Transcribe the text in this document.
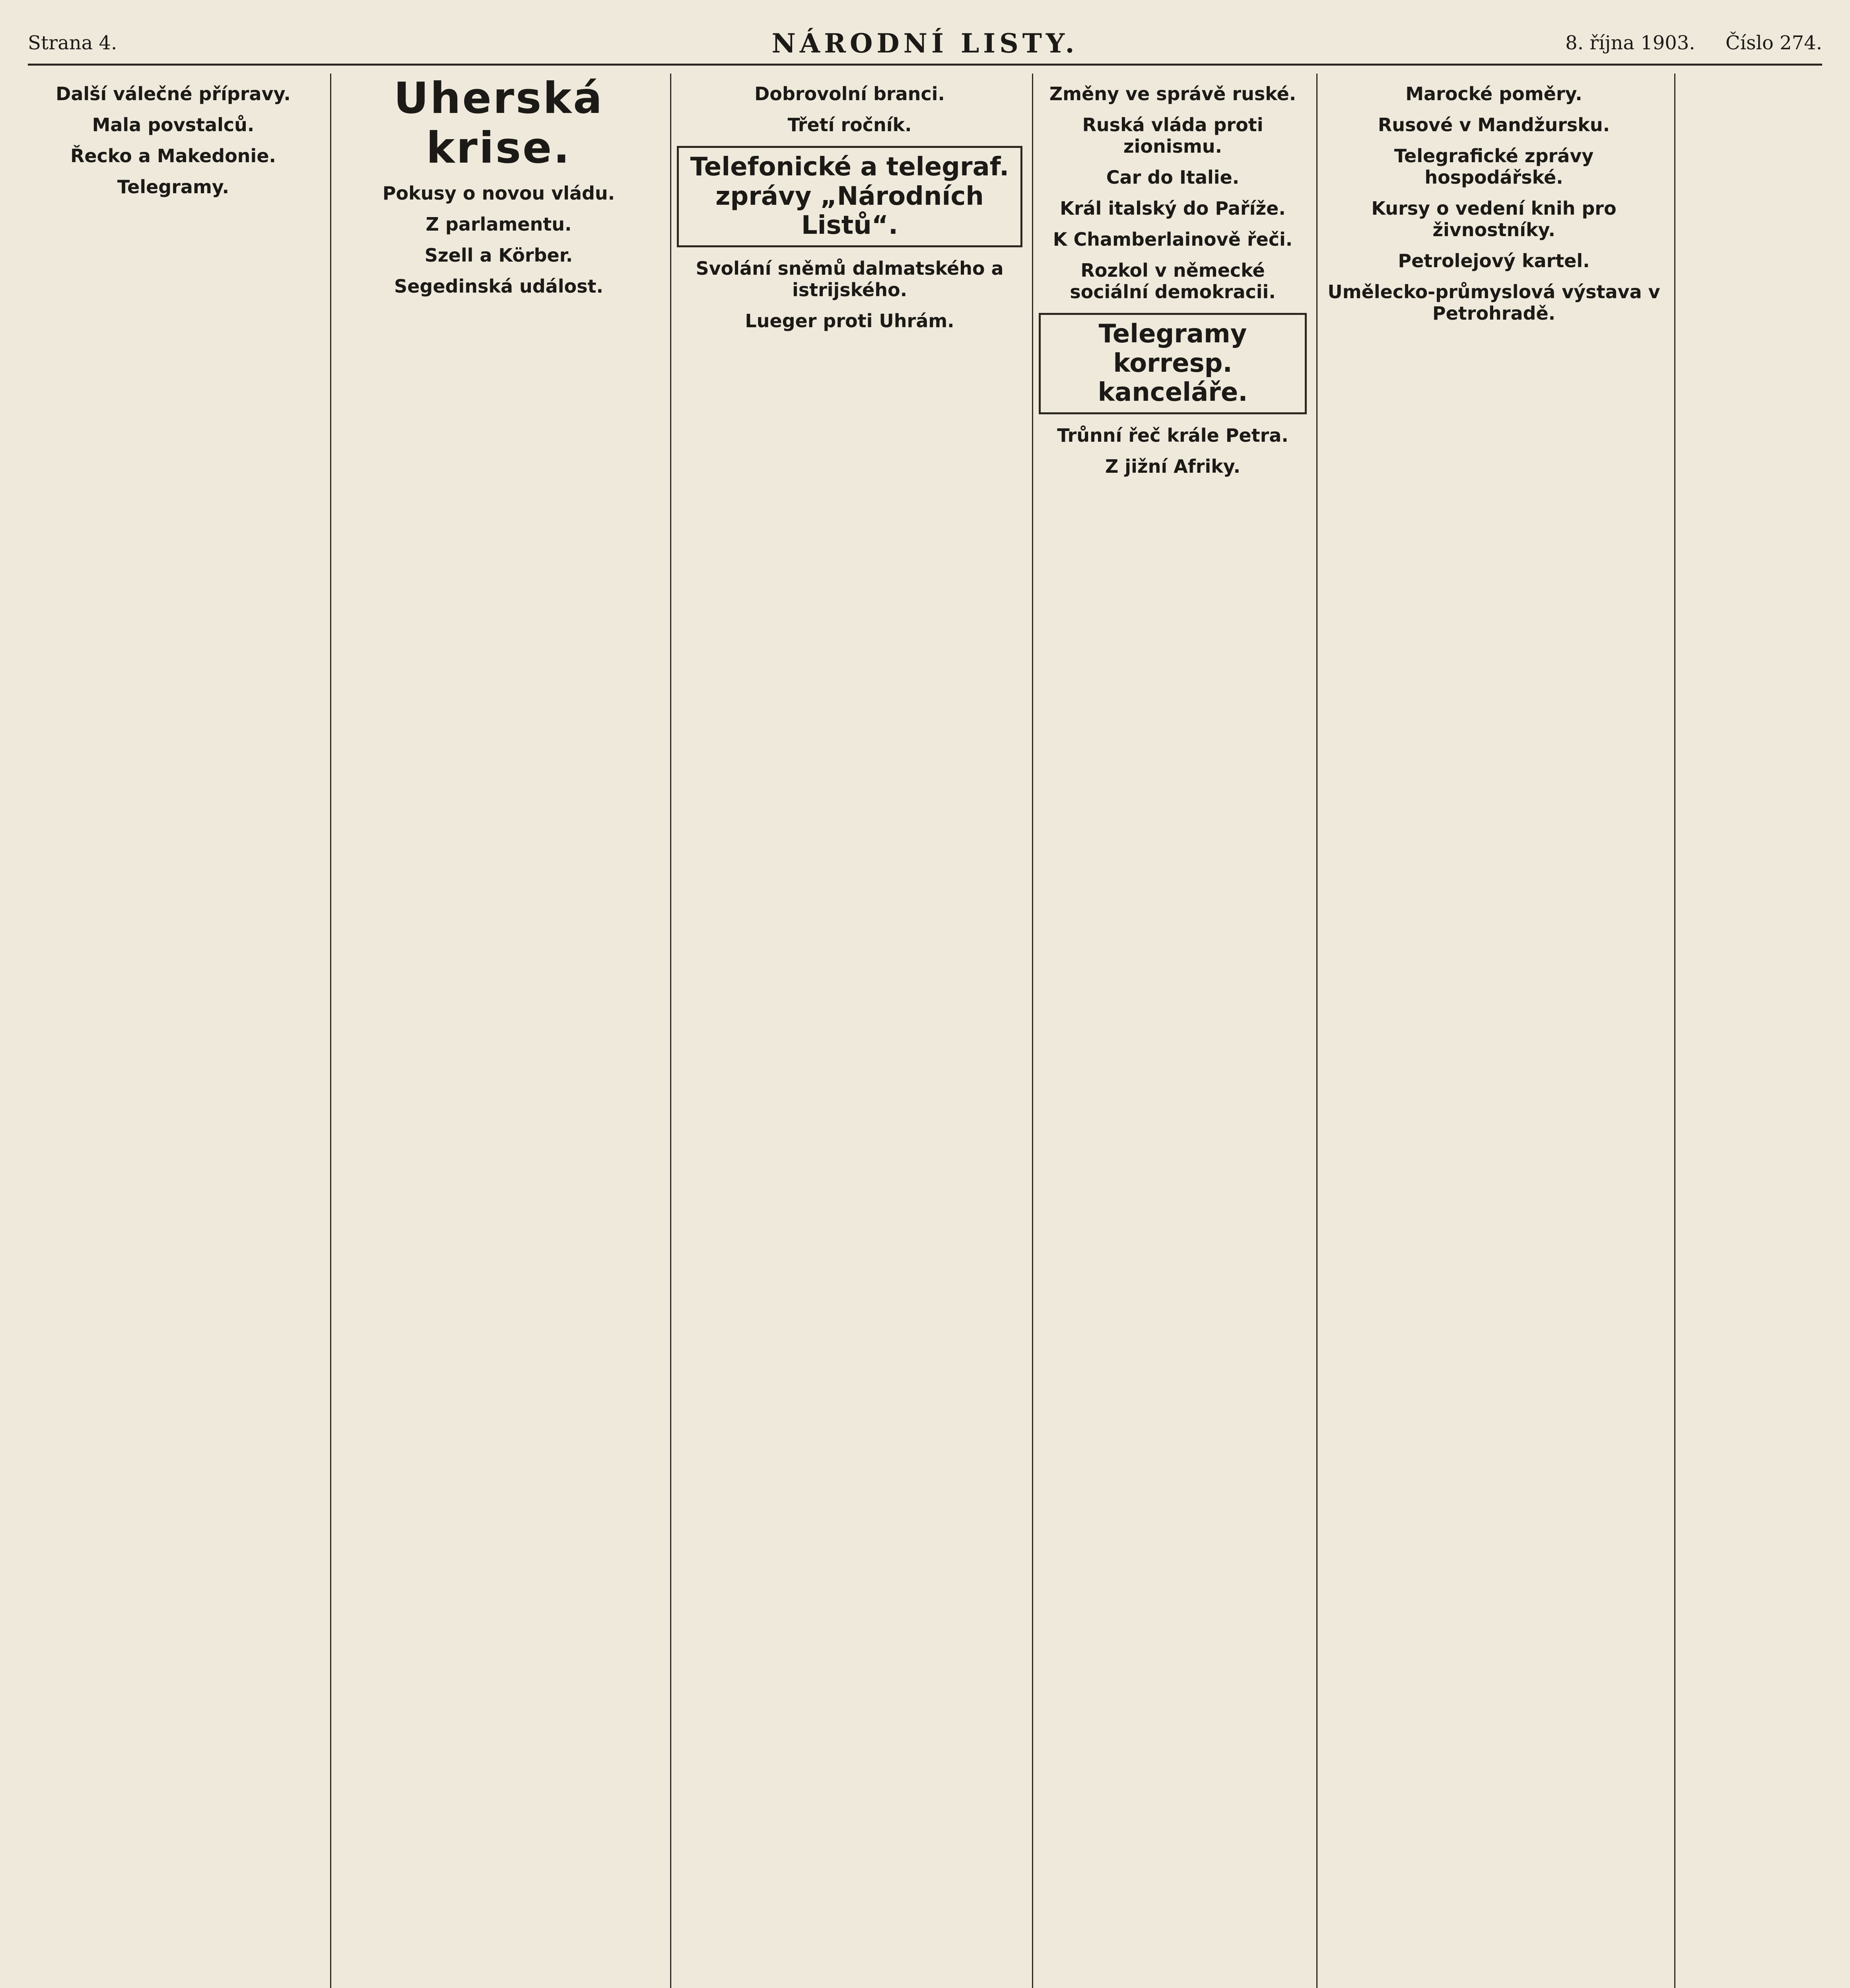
Strana 4.	NÁRODNÍ LISTY.	8. října 1903. Číslo 274.
Další válečné přípravy.
Mala povstalců.
Řecko a Makedonie.
Telegramy.
Uherská krise.
Pokusy o novou vládu.
Z parlamentu.
Szell a Körber.
Segedinská událost.
Dobrovolní branci.
Třetí ročník.
Telefonické a telegraf. zprávy „Národních Listů“.
Svolání sněmů dalmatského a istrijského.
Lueger proti Uhrám.
Změny ve správě ruské.
Ruská vláda proti zionismu.
Car do Italie.
Král italský do Paříže.
K Chamberlainově řeči.
Rozkol v německé sociální demokracii.
Telegramy korresp. kanceláře.
Trůnní řeč krále Petra.
Z jižní Afriky.
Marocké poměry.
Rusové v Mandžursku.
Telegrafické zprávy hospodářské.
Kursy o vedení knih pro živnostníky.
Petrolejový kartel.
Umělecko-průmyslová výstava v Petrohradě.
